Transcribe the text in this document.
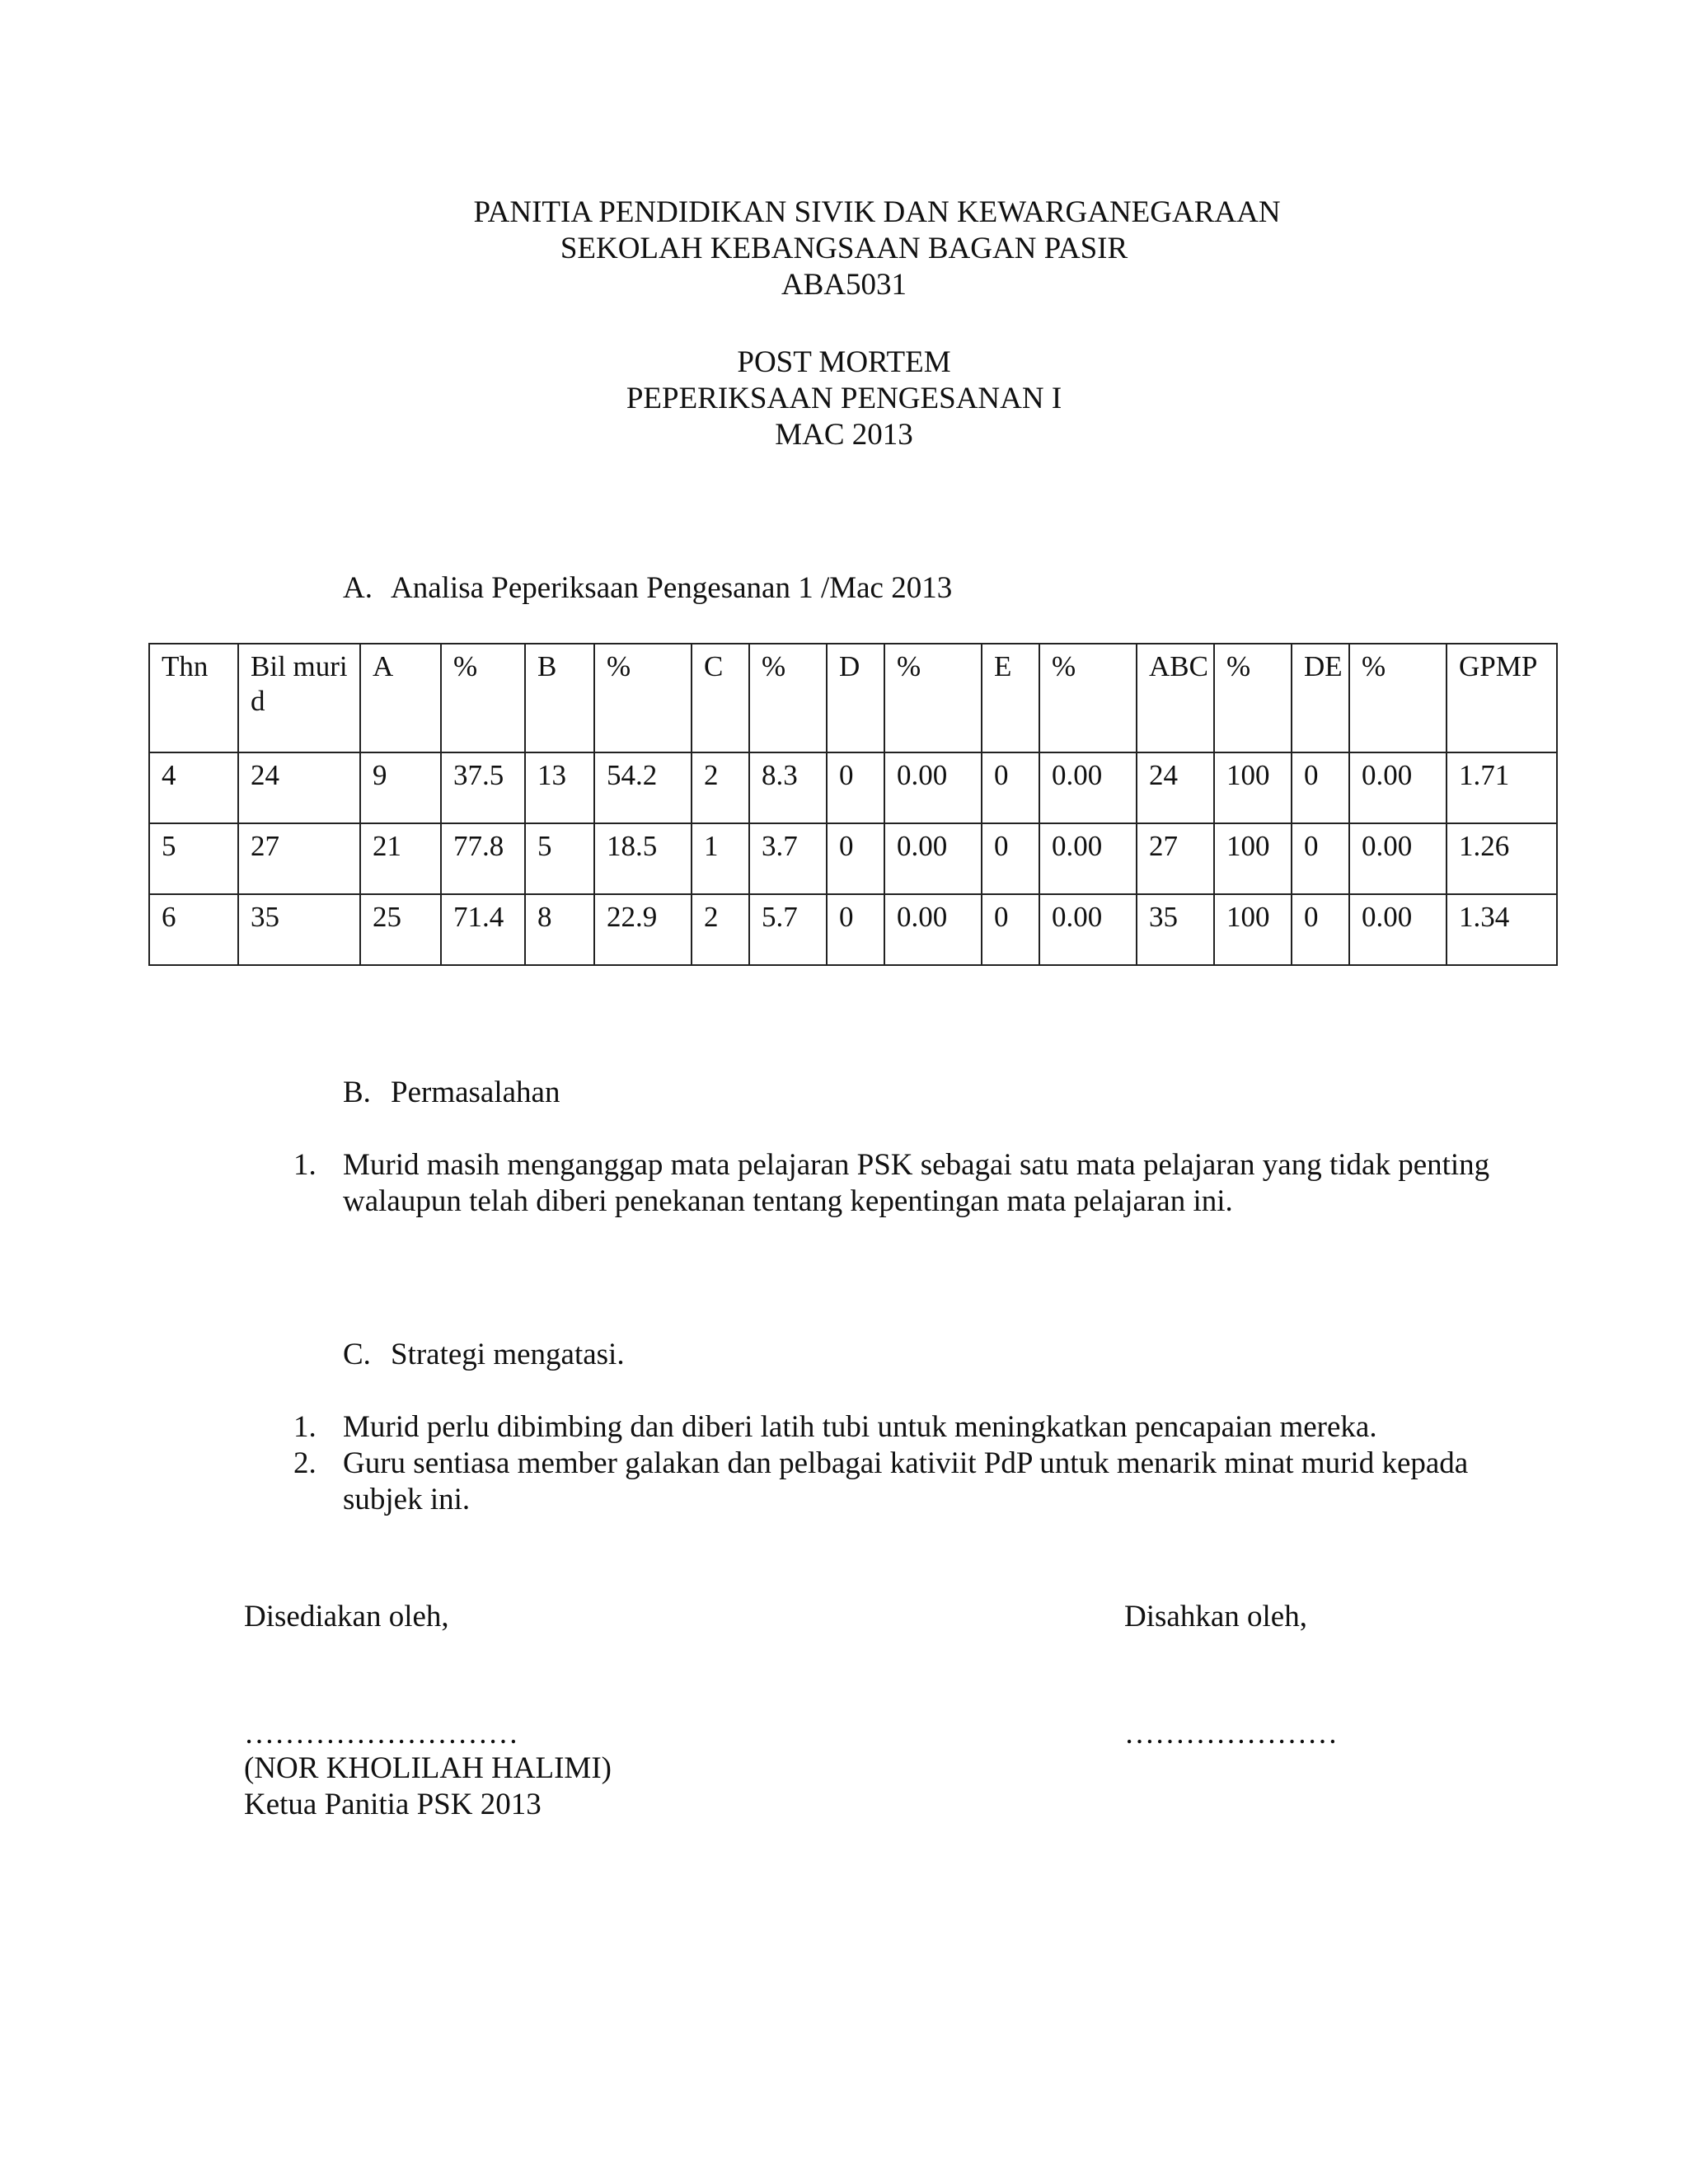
PANITIA PENDIDIKAN SIVIK DAN KEWARGANEGARAAN
SEKOLAH KEBANGSAAN BAGAN PASIR
ABA5031
POST MORTEM
PEPERIKSAAN PENGESANAN I
MAC 2013
A. Analisa Peperiksaan Pengesanan 1 /Mac 2013
Thn	Bil murid	A	%	B	%	C	%	D	%	E	%	ABC	%	DE	%	GPMP
4	24	9	37.5	13	54.2	2	8.3	0	0.00	0	0.00	24	100	0	0.00	1.71
5	27	21	77.8	5	18.5	1	3.7	0	0.00	0	0.00	27	100	0	0.00	1.26
6	35	25	71.4	8	22.9	2	5.7	0	0.00	0	0.00	35	100	0	0.00	1.34
B. Permasalahan
1. Murid masih menganggap mata pelajaran PSK sebagai satu mata pelajaran yang tidak penting walaupun telah diberi penekanan tentang kepentingan mata pelajaran ini.
C. Strategi mengatasi.
1. Murid perlu dibimbing dan diberi latih tubi untuk meningkatkan pencapaian mereka.
2. Guru sentiasa member galakan dan pelbagai kativiit PdP untuk menarik minat murid kepada subjek ini.
Disediakan oleh,	Disahkan oleh,
………………………	…………………
(NOR KHOLILAH HALIMI)
Ketua Panitia PSK 2013
